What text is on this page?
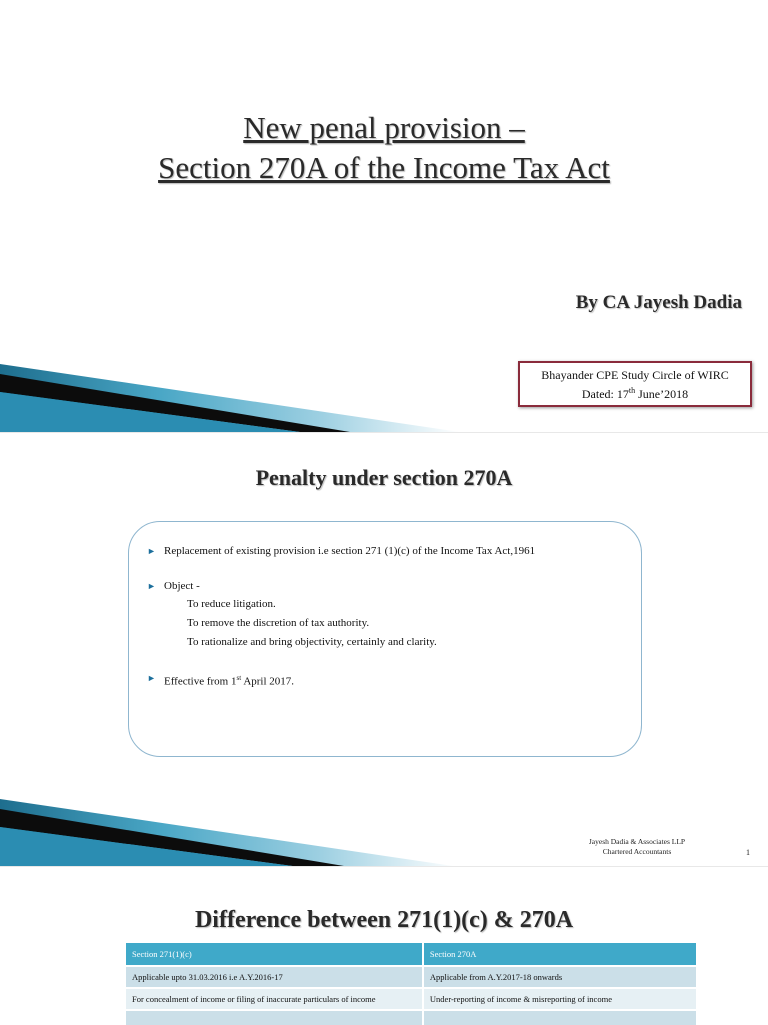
New penal provision –
Section 270A of the Income Tax Act
By CA Jayesh Dadia
Bhayander CPE Study Circle of WIRC
Dated: 17th June’2018
Penalty under section 270A
► Replacement of existing provision i.e section 271 (1)(c) of the Income Tax Act,1961
► Object -
To reduce litigation.
To remove the discretion of tax authority.
To rationalize and bring objectivity, certainly and clarity.
► Effective from 1st April 2017.
Jayesh Dadia & Associates LLP
Chartered Accountants	1
Difference between 271(1)(c) & 270A
Section 271(1)(c)	Section 270A
Applicable upto 31.03.2016 i.e A.Y.2016-17	Applicable from A.Y.2017-18 onwards
For concealment of income or filing of inaccurate particulars of income	Under-reporting of income & misreporting of income
